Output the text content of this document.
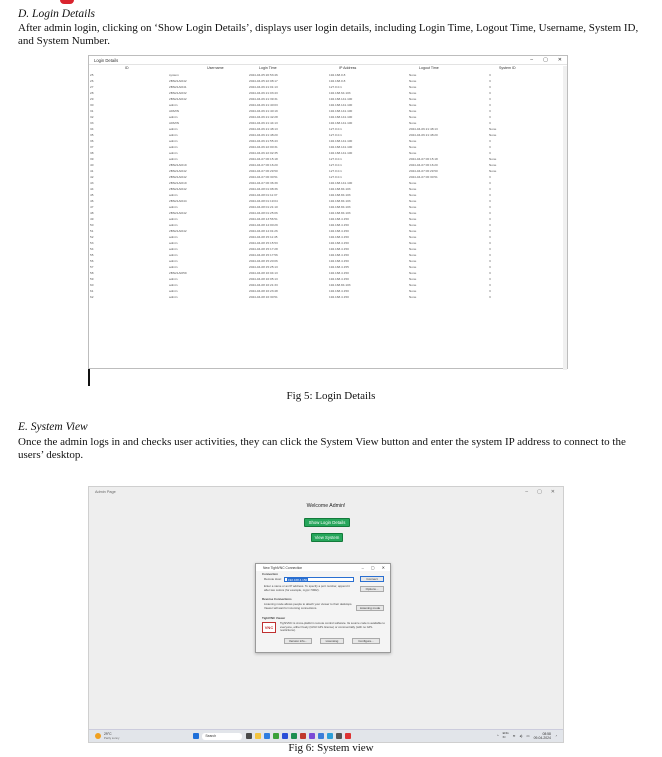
D. Login Details
After admin login, clicking on ‘Show Login Details’, displays user login details, including Login Time, Logout Time, Username, System ID, and System Number.
Login Details	– ▢ ✕
ID	Username	Login Time	IP Address	Logout Time	System ID
25	system	2024-04-05 20:53:46	192.168.0.8	None	3
26	2BN21AI042	2024-04-05 22:08:17	192.168.0.8	None	3
27	2BN21AI041	2024-04-06 21:01:13	127.0.0.1	None	3
28	2BN21AI032	2024-04-06 21:03:43	192.168.64.103	None	3
29	2BN21AI042	2024-04-06 21:39:31	192.168.141.100	None	3
30	admin	2024-04-06 21:40:03	192.168.141.100	None	3
31	ADMIN	2024-04-06 21:40:19	192.168.141.100	None	3
32	admin	2024-04-06 21:42:28	192.168.141.100	None	3
33	ADMIN	2024-04-06 21:44:13	192.168.141.100	None	3
34	admin	2024-04-06 21:48:13	127.0.0.1	2024-04-06 21:48:13	None
35	admin	2024-04-06 21:48:20	127.0.0.1	2024-04-06 21:48:20	None
36	admin	2024-04-06 21:55:43	192.168.141.100	None	3
37	admin	2024-04-06 22:00:31	192.168.141.100	None	3
38	admin	2024-04-06 22:02:35	192.168.141.100	None	3
39	admin	2024-04-07 06:15:18	127.0.0.1	2024-04-07 06:15:18	None
40	2BN21AI019	2024-04-07 06:16:20	127.0.0.1	2024-04-07 06:16:20	None
41	2BN21AI042	2024-04-07 06:29:50	127.0.0.1	2024-04-07 06:29:50	None
42	2BN21AI042	2024-04-07 06:30:51	127.0.0.1	2024-04-07 06:30:51	3
43	2BN21AI019	2024-04-07 06:36:39	192.168.141.100	None	3
44	2BN21AI042	2024-04-08 01:08:36	192.168.84.103	None	3
45	admin	2024-04-08 01:11:37	192.168.84.103	None	3
46	2BN21AI044	2024-04-08 01:19:04	192.168.84.103	None	3
47	admin	2024-04-08 01:21:10	192.168.84.103	None	3
48	2BN21AI042	2024-04-08 01:25:06	192.168.84.103	None	3
49	admin	2024-04-08 13:56:51	192.168.4.150	None	3
50	admin	2024-04-08 14:00:29	192.168.4.150	None	3
51	2BN21AI042	2024-04-08 14:01:26	192.168.4.150	None	3
52	admin	2024-04-08 15:11:45	192.168.4.150	None	3
53	admin	2024-04-08 15:15:53	192.168.4.150	None	3
54	admin	2024-04-08 15:17:28	192.168.4.150	None	3
55	admin	2024-04-08 15:17:56	192.168.4.150	None	3
56	admin	2024-04-08 15:20:06	192.168.4.150	None	3
57	admin	2024-04-08 15:25:13	192.168.4.155	None	3
58	2BN21AI059	2024-04-08 16:04:13	192.168.4.150	None	3
59	admin	2024-04-08 16:05:13	192.168.4.150	None	3
60	admin	2024-04-08 16:21:33	192.168.84.103	None	3
61	admin	2024-04-08 16:23:48	192.168.4.150	None	3
62	admin	2024-04-08 16:30:51	192.168.4.150	None	3
Fig 5: Login Details
E. System View
Once the admin logs in and checks user activities, they can click the System View button and enter the system IP address to connect to the users’ desktop.
Admin Page	– ▢ ✕
Welcome Admin!
Show Login Details
View System
New TightVNC Connection	– ▢ ✕
Connection
Remote Host:	192.168.4.150	Connect
Enter a name or an IP address. To specify a port number, append it after two colons (for example, mypc::5902).	Options...
Reverse Connections
Listening mode allows people to attach your viewer to their desktops. Viewer will wait for incoming connections.	Listening mode
TightVNC Viewer
TightVNC is cross-platform remote control software. Its source code is available to everyone, either freely (GNU GPL license) or commercially (with no GPL restrictions).
VNC
Version info...	Licensing	Configure...
29°C
Partly sunny	Search	^
ENG
IN	≋ ◂) ▭	08:58
09-04-2024 ◔
Fig 6: System view
